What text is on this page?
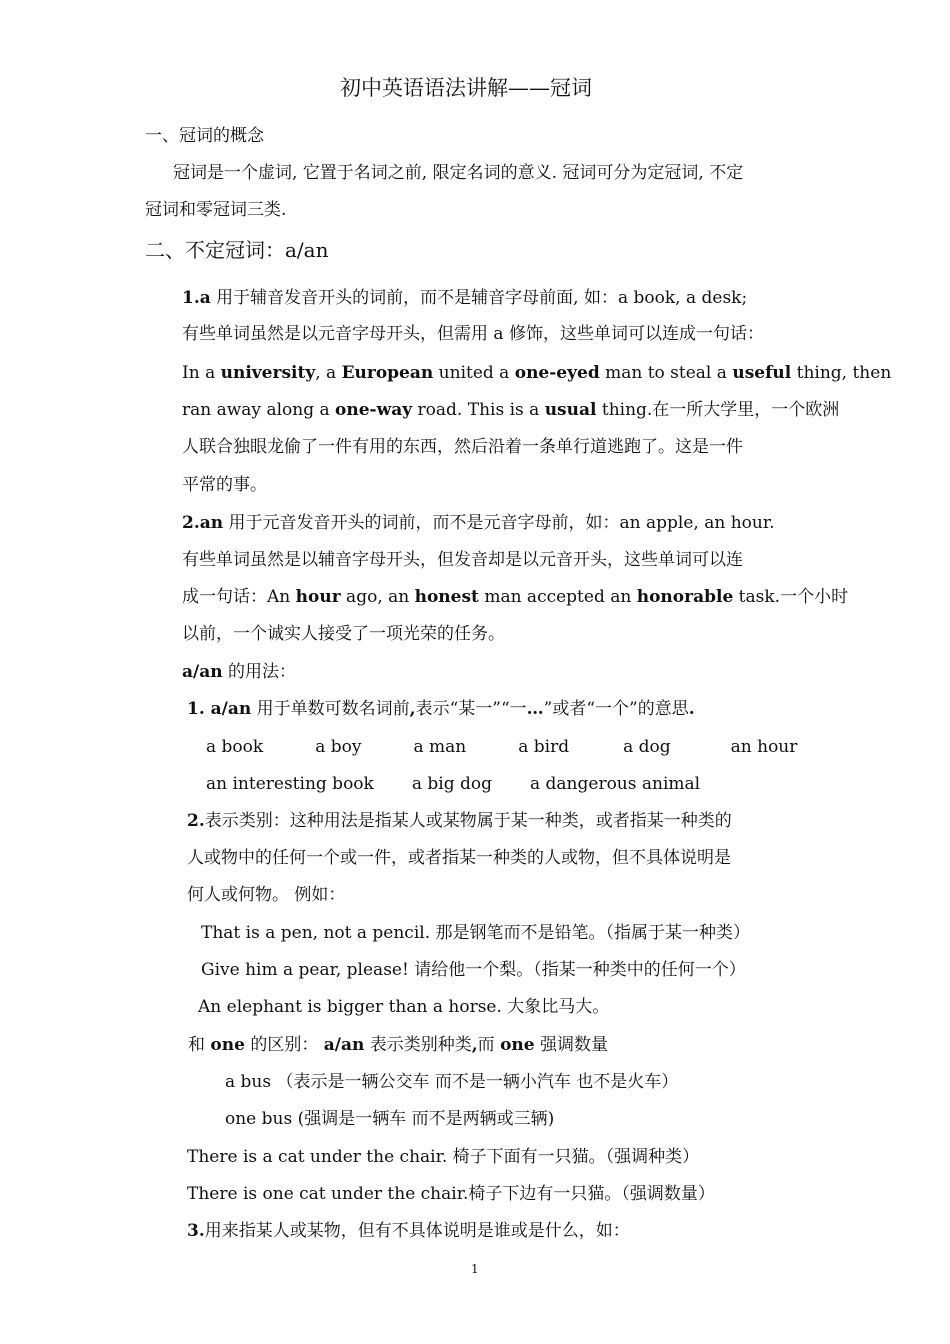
初中英语语法讲解——冠词
一、冠词的概念
冠词是一个虚词, 它置于名词之前, 限定名词的意义. 冠词可分为定冠词, 不定
冠词和零冠词三类.
二、不定冠词：a/an
1.a 用于辅音发音开头的词前，而不是辅音字母前面, 如：a book, a desk;
有些单词虽然是以元音字母开头，但需用 a 修饰，这些单词可以连成一句话：
In a university, a European united a one-eyed man to steal a useful thing, then
ran away along a one-way road. This is a usual thing.在一所大学里，一个欧洲
人联合独眼龙偷了一件有用的东西，然后沿着一条单行道逃跑了。这是一件
平常的事。
2.an 用于元音发音开头的词前，而不是元音字母前，如：an apple, an hour.
有些单词虽然是以辅音字母开头，但发音却是以元音开头，这些单词可以连
成一句话：An hour ago, an honest man accepted an honorable task.一个小时
以前，一个诚实人接受了一项光荣的任务。
a/an 的用法：
1. a/an 用于单数可数名词前,表示“某一”“一…”或者“一个”的意思.
a book	a boy	a man	a bird	a dog	an hour
an interesting book a big dog a dangerous animal
2.表示类别：这种用法是指某人或某物属于某一种类，或者指某一种类的
人或物中的任何一个或一件，或者指某一种类的人或物，但不具体说明是
何人或何物。 例如：
That is a pen, not a pencil. 那是钢笔而不是铅笔。（指属于某一种类）
Give him a pear, please! 请给他一个梨。（指某一种类中的任何一个）
An elephant is bigger than a horse. 大象比马大。
和 one 的区别： a/an 表示类别种类,而 one 强调数量
a bus （表示是一辆公交车 而不是一辆小汽车 也不是火车）
one bus (强调是一辆车 而不是两辆或三辆)
There is a cat under the chair. 椅子下面有一只猫。（强调种类）
There is one cat under the chair.椅子下边有一只猫。（强调数量）
3.用来指某人或某物，但有不具体说明是谁或是什么，如：
1
